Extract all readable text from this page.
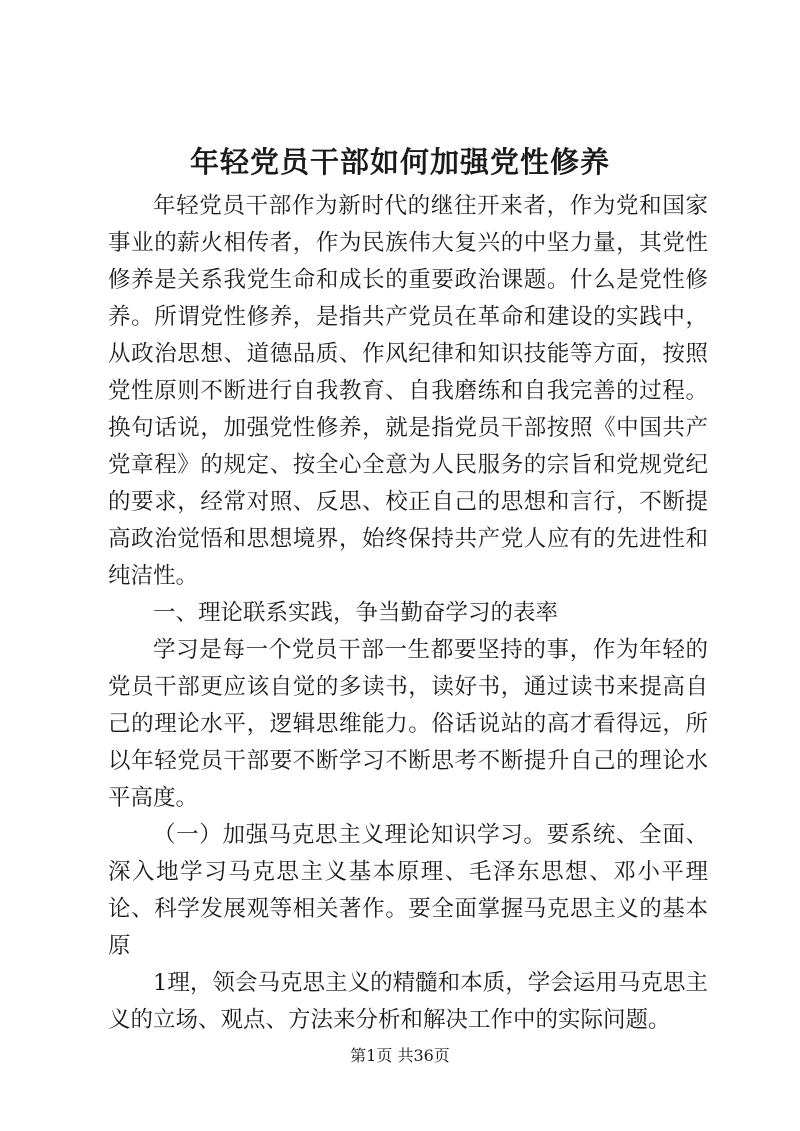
年轻党员干部如何加强党性修养

年轻党员干部作为新时代的继往开来者，作为党和国家事业的薪火相传者，作为民族伟大复兴的中坚力量，其党性修养是关系我党生命和成长的重要政治课题。什么是党性修养。所谓党性修养，是指共产党员在革命和建设的实践中，从政治思想、道德品质、作风纪律和知识技能等方面，按照党性原则不断进行自我教育、自我磨练和自我完善的过程。换句话说，加强党性修养，就是指党员干部按照《中国共产党章程》的规定、按全心全意为人民服务的宗旨和党规党纪的要求，经常对照、反思、校正自己的思想和言行，不断提高政治觉悟和思想境界，始终保持共产党人应有的先进性和纯洁性。

一、理论联系实践，争当勤奋学习的表率

学习是每一个党员干部一生都要坚持的事，作为年轻的党员干部更应该自觉的多读书，读好书，通过读书来提高自己的理论水平，逻辑思维能力。俗话说站的高才看得远，所以年轻党员干部要不断学习不断思考不断提升自己的理论水平高度。

（一）加强马克思主义理论知识学习。要系统、全面、深入地学习马克思主义基本原理、毛泽东思想、邓小平理论、科学发展观等相关著作。要全面掌握马克思主义的基本原

1理，领会马克思主义的精髓和本质，学会运用马克思主义的立场、观点、方法来分析和解决工作中的实际问题。

第1页 共36页
